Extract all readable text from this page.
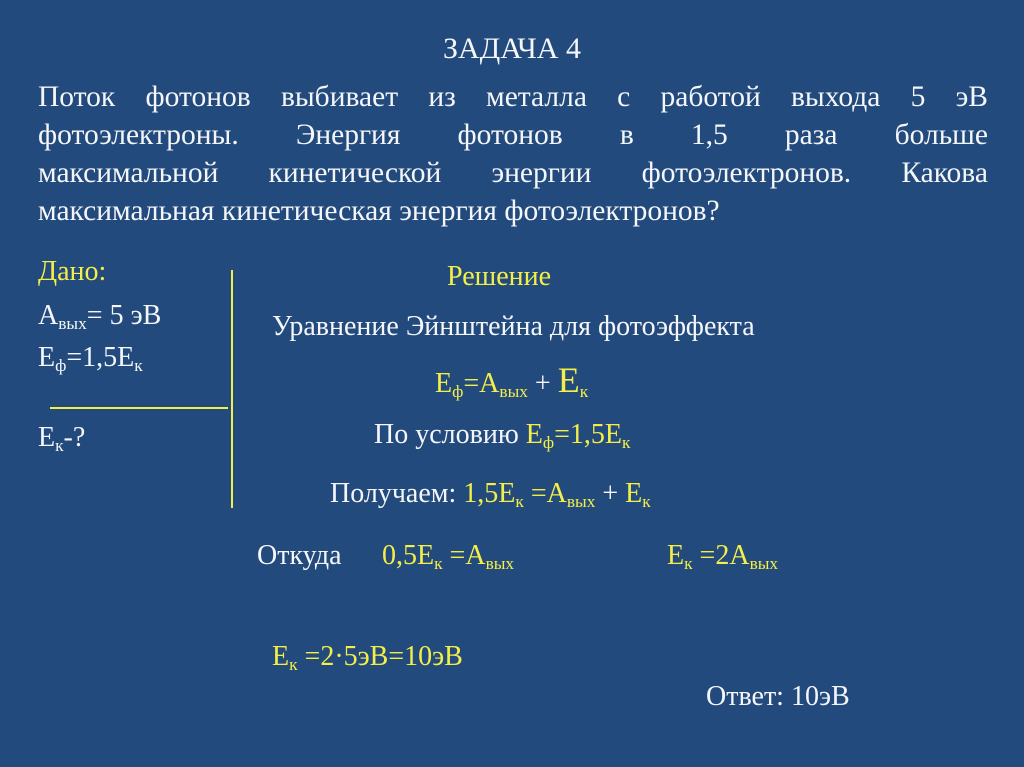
ЗАДАЧА 4
Поток фотонов выбивает из металла с работой выхода 5 эВ
фотоэлектроны. Энергия фотонов в 1,5 раза больше
максимальной кинетической энергии фотоэлектронов. Какова
максимальная кинетическая энергия фотоэлектронов?
Дано:
$А_{вых}= 5$ эВ
$Е_ф=1,5Е_к$
$Е_к-$?
Решение
Уравнение Эйнштейна для фотоэффекта
$Е_ф=А_{вых} + Е_к$
По условию $Е_ф=1,5Е_к$
Получаем: $1,5Е_к =А_{вых} + Е_к$
Откуда $0,5Е_к =А_{вых}$	$Е_к =2А_{вых}$
$Е_к =2\cdot 5эВ=10эВ$
Ответ: 10эВ
